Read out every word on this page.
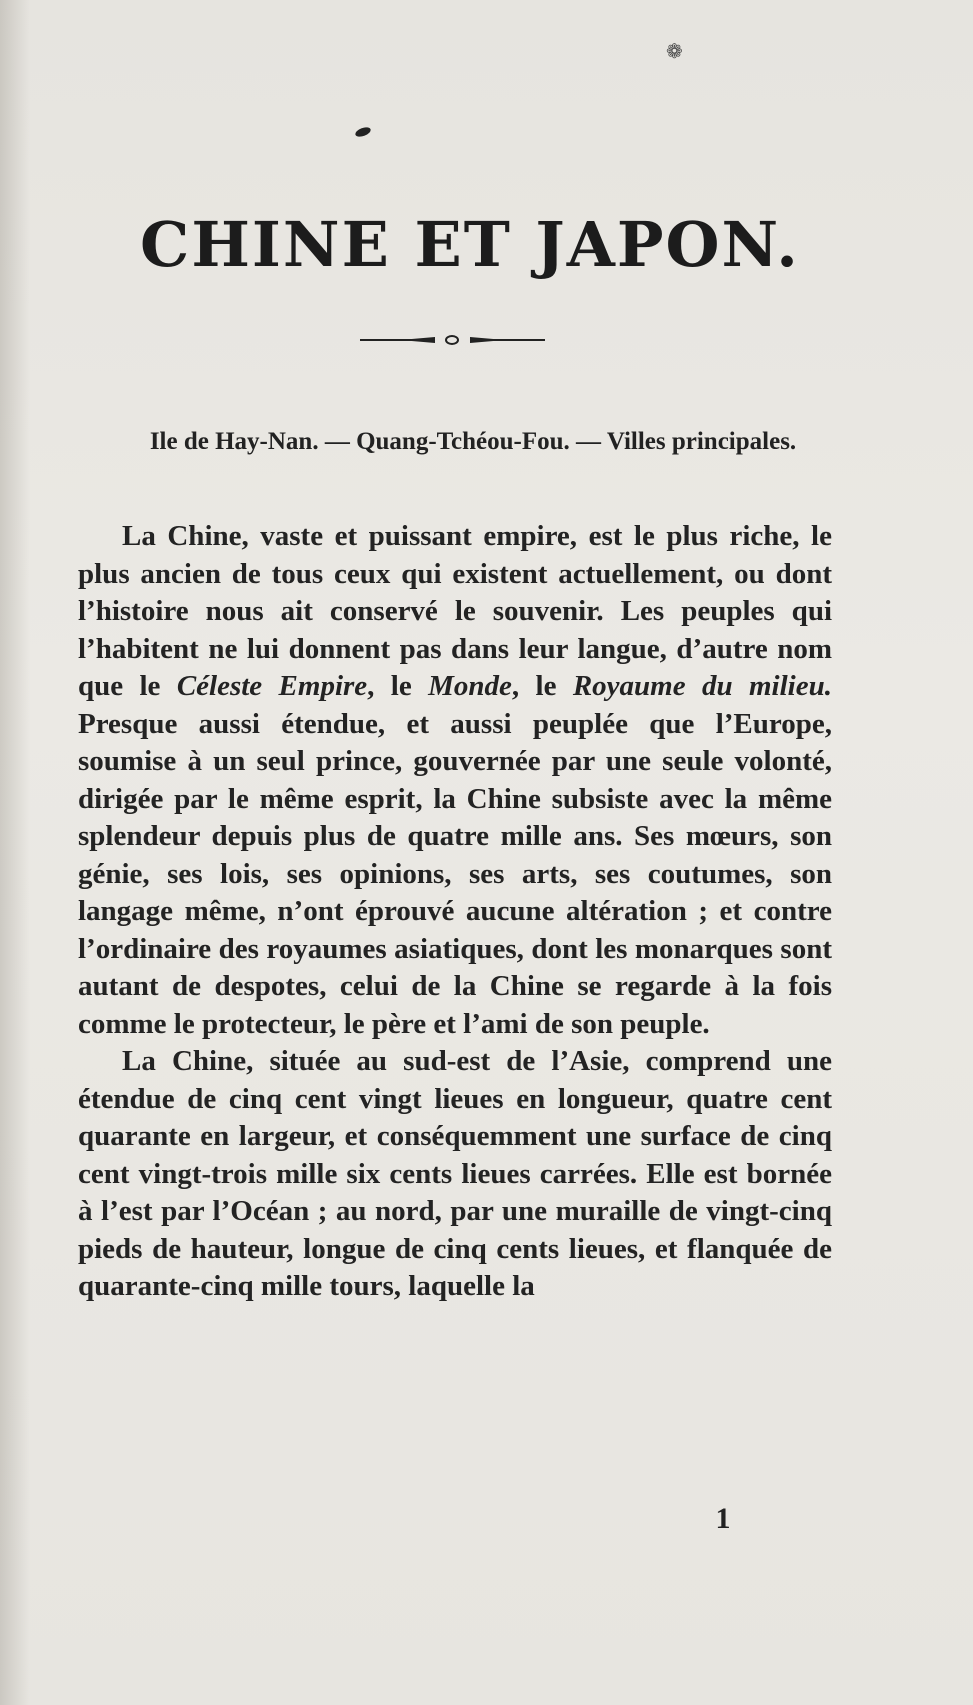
❁
CHINE ET JAPON.
Ile de Hay-Nan. — Quang-Tchéou-Fou. — Villes principales.

La Chine, vaste et puissant empire, est le plus riche, le plus ancien de tous ceux qui existent actuellement, ou dont l’histoire nous ait conservé le souvenir. Les peuples qui l’habitent ne lui donnent pas dans leur langue, d’autre nom que le Céleste Empire, le Monde, le Royaume du milieu. Presque aussi étendue, et aussi peuplée que l’Europe, soumise à un seul prince, gouvernée par une seule volonté, dirigée par le même esprit, la Chine subsiste avec la même splendeur depuis plus de quatre mille ans. Ses mœurs, son génie, ses lois, ses opinions, ses arts, ses coutumes, son langage même, n’ont éprouvé aucune altération ; et contre l’ordinaire des royaumes asiatiques, dont les monarques sont autant de despotes, celui de la Chine se regarde à la fois comme le protecteur, le père et l’ami de son peuple.

La Chine, située au sud-est de l’Asie, comprend une étendue de cinq cent vingt lieues en longueur, quatre cent quarante en largeur, et conséquemment une surface de cinq cent vingt-trois mille six cents lieues carrées. Elle est bornée à l’est par l’Océan ; au nord, par une muraille de vingt-cinq pieds de hauteur, longue de cinq cents lieues, et flanquée de quarante-cinq mille tours, laquelle la

1
